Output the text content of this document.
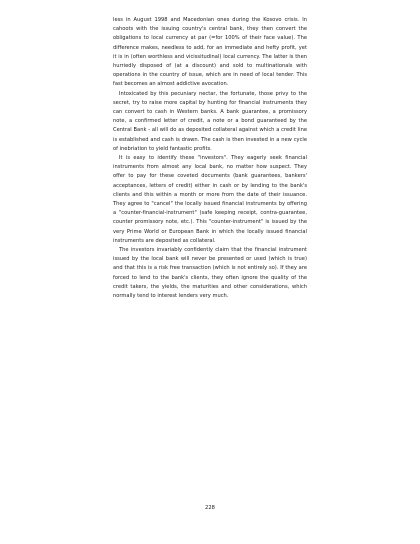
less in August 1998 and Macedonian ones during the Kosovo crisis. In cahoots with the issuing country's central bank, they then convert the obligations to local currency at par (=for 100% of their face value). The difference makes, needless to add, for an immediate and hefty profit, yet it is in (often worthless and vicissitudinal) local currency. The latter is then hurriedly disposed of (at a discount) and sold to multinationals with operations in the country of issue, which are in need of local tender. This fast becomes an almost addictive avocation.

Intoxicated by this pecuniary nectar, the fortunate, those privy to the secret, try to raise more capital by hunting for financial instruments they can convert to cash in Western banks. A bank guarantee, a promissory note, a confirmed letter of credit, a note or a bond guaranteed by the Central Bank - all will do as deposited collateral against which a credit line is established and cash is drawn. The cash is then invested in a new cycle of inebriation to yield fantastic profits.

It is easy to identify these "investors". They eagerly seek financial instruments from almost any local bank, no matter how suspect. They offer to pay for these coveted documents (bank guarantees, bankers' acceptances, letters of credit) either in cash or by lending to the bank's clients and this within a month or more from the date of their issuance. They agree to "cancel" the locally issued financial instruments by offering a "counter-financial-instrument" (safe keeping receipt, contra-guarantee, counter promissory note, etc.). This "counter-instrument" is issued by the very Prime World or European Bank in which the locally issued financial instruments are deposited as collateral.

The investors invariably confidently claim that the financial instrument issued by the local bank will never be presented or used (which is true) and that this is a risk free transaction (which is not entirely so). If they are forced to lend to the bank's clients, they often ignore the quality of the credit takers, the yields, the maturities and other considerations, which normally tend to interest lenders very much.

228
